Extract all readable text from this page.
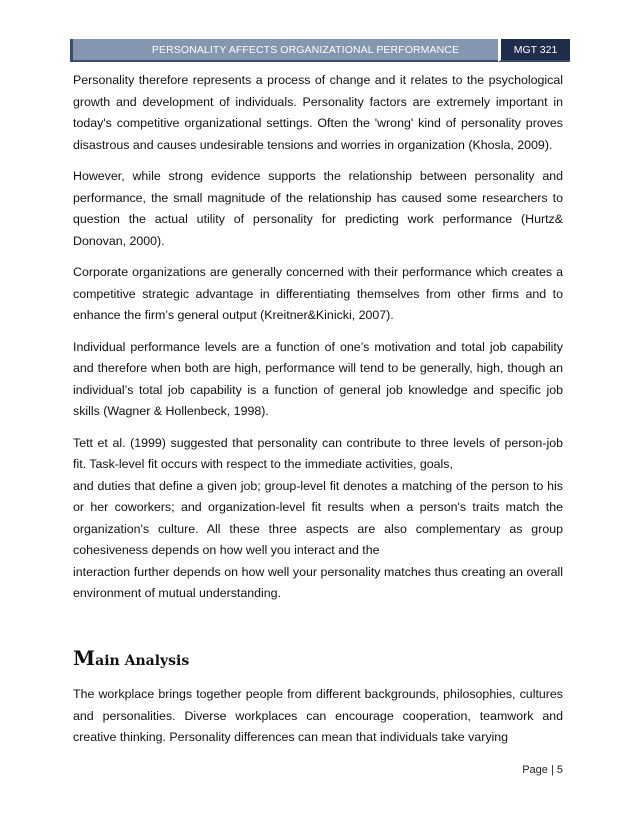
PERSONALITY AFFECTS ORGANIZATIONAL PERFORMANCE	MGT 321

Personality therefore represents a process of change and it relates to the psychological growth and development of individuals. Personality factors are extremely important in today's competitive organizational settings. Often the 'wrong' kind of personality proves disastrous and causes undesirable tensions and worries in organization (Khosla, 2009).

However, while strong evidence supports the relationship between personality and performance, the small magnitude of the relationship has caused some researchers to question the actual utility of personality for predicting work performance (Hurtz& Donovan, 2000).

Corporate organizations are generally concerned with their performance which creates a competitive strategic advantage in differentiating themselves from other firms and to enhance the firm’s general output (Kreitner&Kinicki, 2007).

Individual performance levels are a function of one’s motivation and total job capability and therefore when both are high, performance will tend to be generally, high, though an individual’s total job capability is a function of general job knowledge and specific job skills (Wagner & Hollenbeck, 1998).

Tett et al. (1999) suggested that personality can contribute to three levels of person-job fit. Task-level fit occurs with respect to the immediate activities, goals,

and duties that define a given job; group-level fit denotes a matching of the person to his or her coworkers; and organization-level fit results when a person's traits match the organization's culture. All these three aspects are also complementary as group cohesiveness depends on how well you interact and the

interaction further depends on how well your personality matches thus creating an overall environment of mutual understanding.

Main Analysis

The workplace brings together people from different backgrounds, philosophies, cultures and personalities. Diverse workplaces can encourage cooperation, teamwork and creative thinking. Personality differences can mean that individuals take varying

Page | 5
